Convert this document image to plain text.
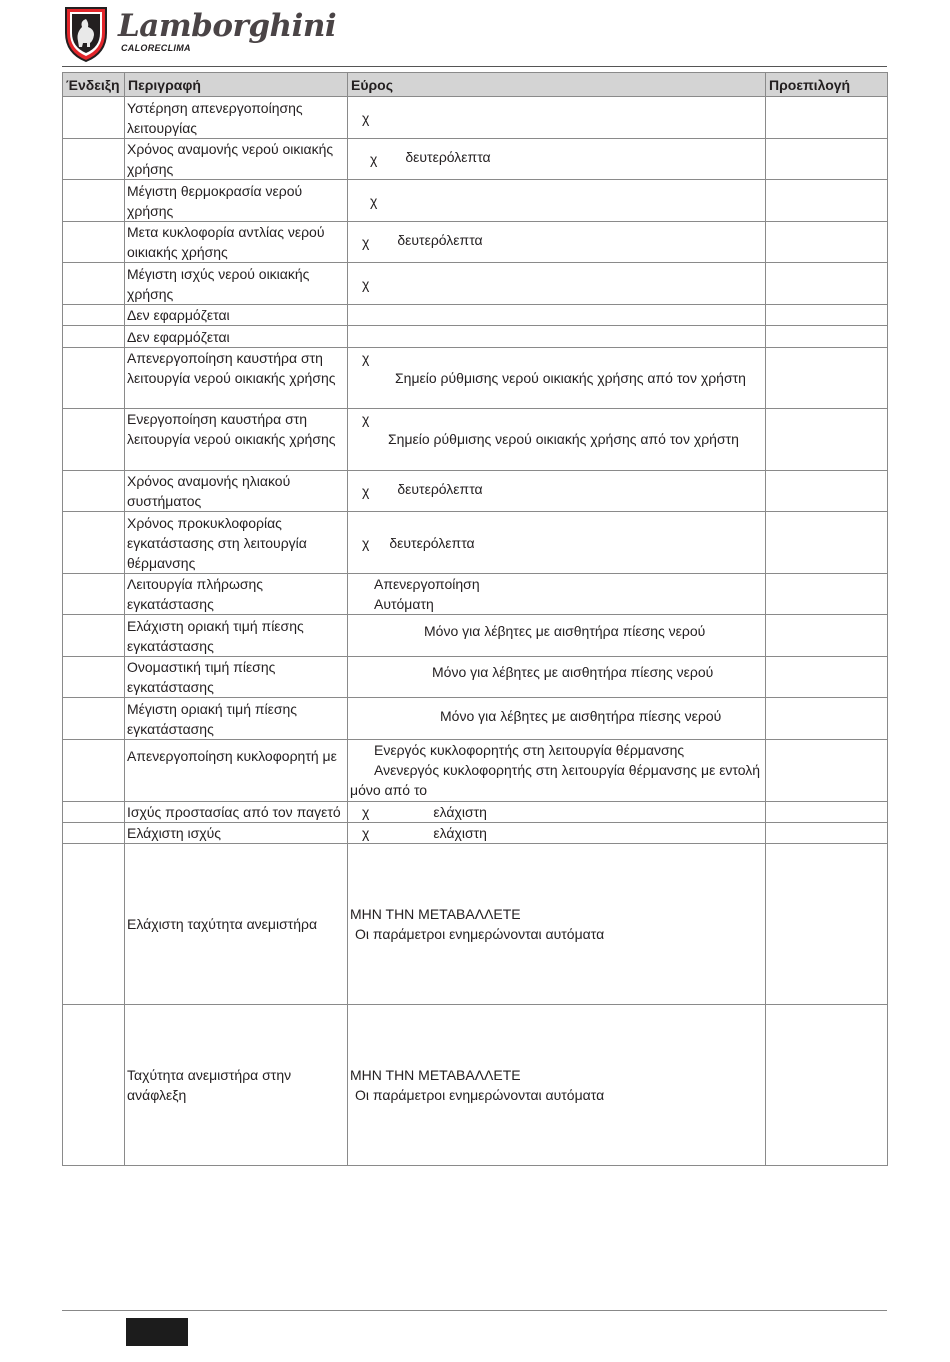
Lamborghini
CALORECLIMA
Ένδειξη	Περιγραφή	Εύρος	Προεπιλογή
	Υστέρηση απενεργοποίησης λειτουργίας	χ	
	Χρόνος αναμονής νερού οικιακής χρήσης	χ δευτερόλεπτα	
	Μέγιστη θερμοκρασία νερού χρήσης	χ	
	Μετα κυκλοφορία αντλίας νερού οικιακής χρήσης	χ δευτερόλεπτα	
	Μέγιστη ισχύς νερού οικιακής χρήσης	χ	
	Δεν εφαρμόζεται		
	Δεν εφαρμόζεται		
	Απενεργοποίηση καυστήρα στη λειτουργία νερού οικιακής χρήσης	χ
Σημείο ρύθμισης νερού οικιακής χρήσης από τον χρήστη	

	Ενεργοποίηση καυστήρα στη λειτουργία νερού οικιακής χρήσης	χ
Σημείο ρύθμισης νερού οικιακής χρήσης από τον χρήστη	

	Χρόνος αναμονής ηλιακού συστήματος	χ δευτερόλεπτα	
	Χρόνος προκυκλοφορίας εγκατάστασης στη λειτουργία θέρμανσης	χ δευτερόλεπτα	
	Λειτουργία πλήρωσης εγκατάστασης	Απενεργοποίηση
Αυτόματη	

	Ελάχιστη οριακή τιμή πίεσης εγκατάστασης	Μόνο για λέβητες με αισθητήρα πίεσης νερού	
	Ονομαστική τιμή πίεσης εγκατάστασης	Μόνο για λέβητες με αισθητήρα πίεσης νερού	
	Μέγιστη οριακή τιμή πίεσης εγκατάστασης	Μόνο για λέβητες με αισθητήρα πίεσης νερού	
	Απενεργοποίηση κυκλοφορητή με	Ενεργός κυκλοφορητής στη λειτουργία θέρμανσης
Ανενεργός κυκλοφορητής στη λειτουργία θέρμανσης με εντολή
μόνο από το	

	Ισχύς προστασίας από τον παγετό	χ ελάχιστη	
	Ελάχιστη ισχύς	χ ελάχιστη	
	Ελάχιστη ταχύτητα ανεμιστήρα	ΜΗΝ ΤΗΝ ΜΕΤΑΒΑΛΛΕΤΕ
Οι παράμετροι ενημερώνονται αυτόματα	

	Ταχύτητα ανεμιστήρα στην ανάφλεξη	ΜΗΝ ΤΗΝ ΜΕΤΑΒΑΛΛΕΤΕ
Οι παράμετροι ενημερώνονται αυτόματα	
